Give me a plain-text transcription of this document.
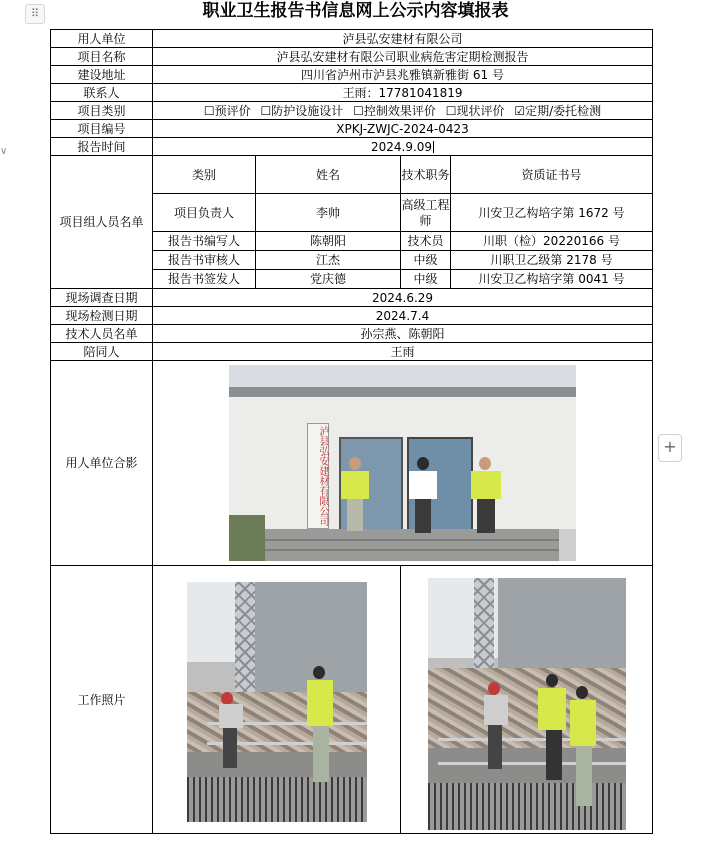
⠿
∨
+
职业卫生报告书信息网上公示内容填报表
用人单位	泸县弘安建材有限公司			
项目名称	泸县弘安建材有限公司职业病危害定期检测报告			
建设地址	四川省泸州市泸县兆雅镇新雅街 61 号			
联系人	王雨：17781041819			
项目类别	☐预评价 ☐防护设施设计 ☐控制效果评价 ☐现状评价 ☑定期/委托检测			
项目编号	XPKJ-ZWJC-2024-0423			
报告时间	2024.9.09			
项目组人员名单	类别	姓名	技术职务	资质证书号
	项目负责人	李帅	高级工程师	川安卫乙构培字第 1672 号
	报告书编写人	陈朝阳	技术员	川职（检）20220166 号
	报告书审核人	江杰	中级	川职卫乙级第 2178 号
	报告书签发人	党庆德	中级	川安卫乙构培字第 0041 号
现场调查日期	2024.6.29			
现场检测日期	2024.7.4			
技术人员名单	孙宗燕、陈朝阳			
陪同人	王雨			
用人单位合影	泸县弘安建材有限公司			

工作照片			
